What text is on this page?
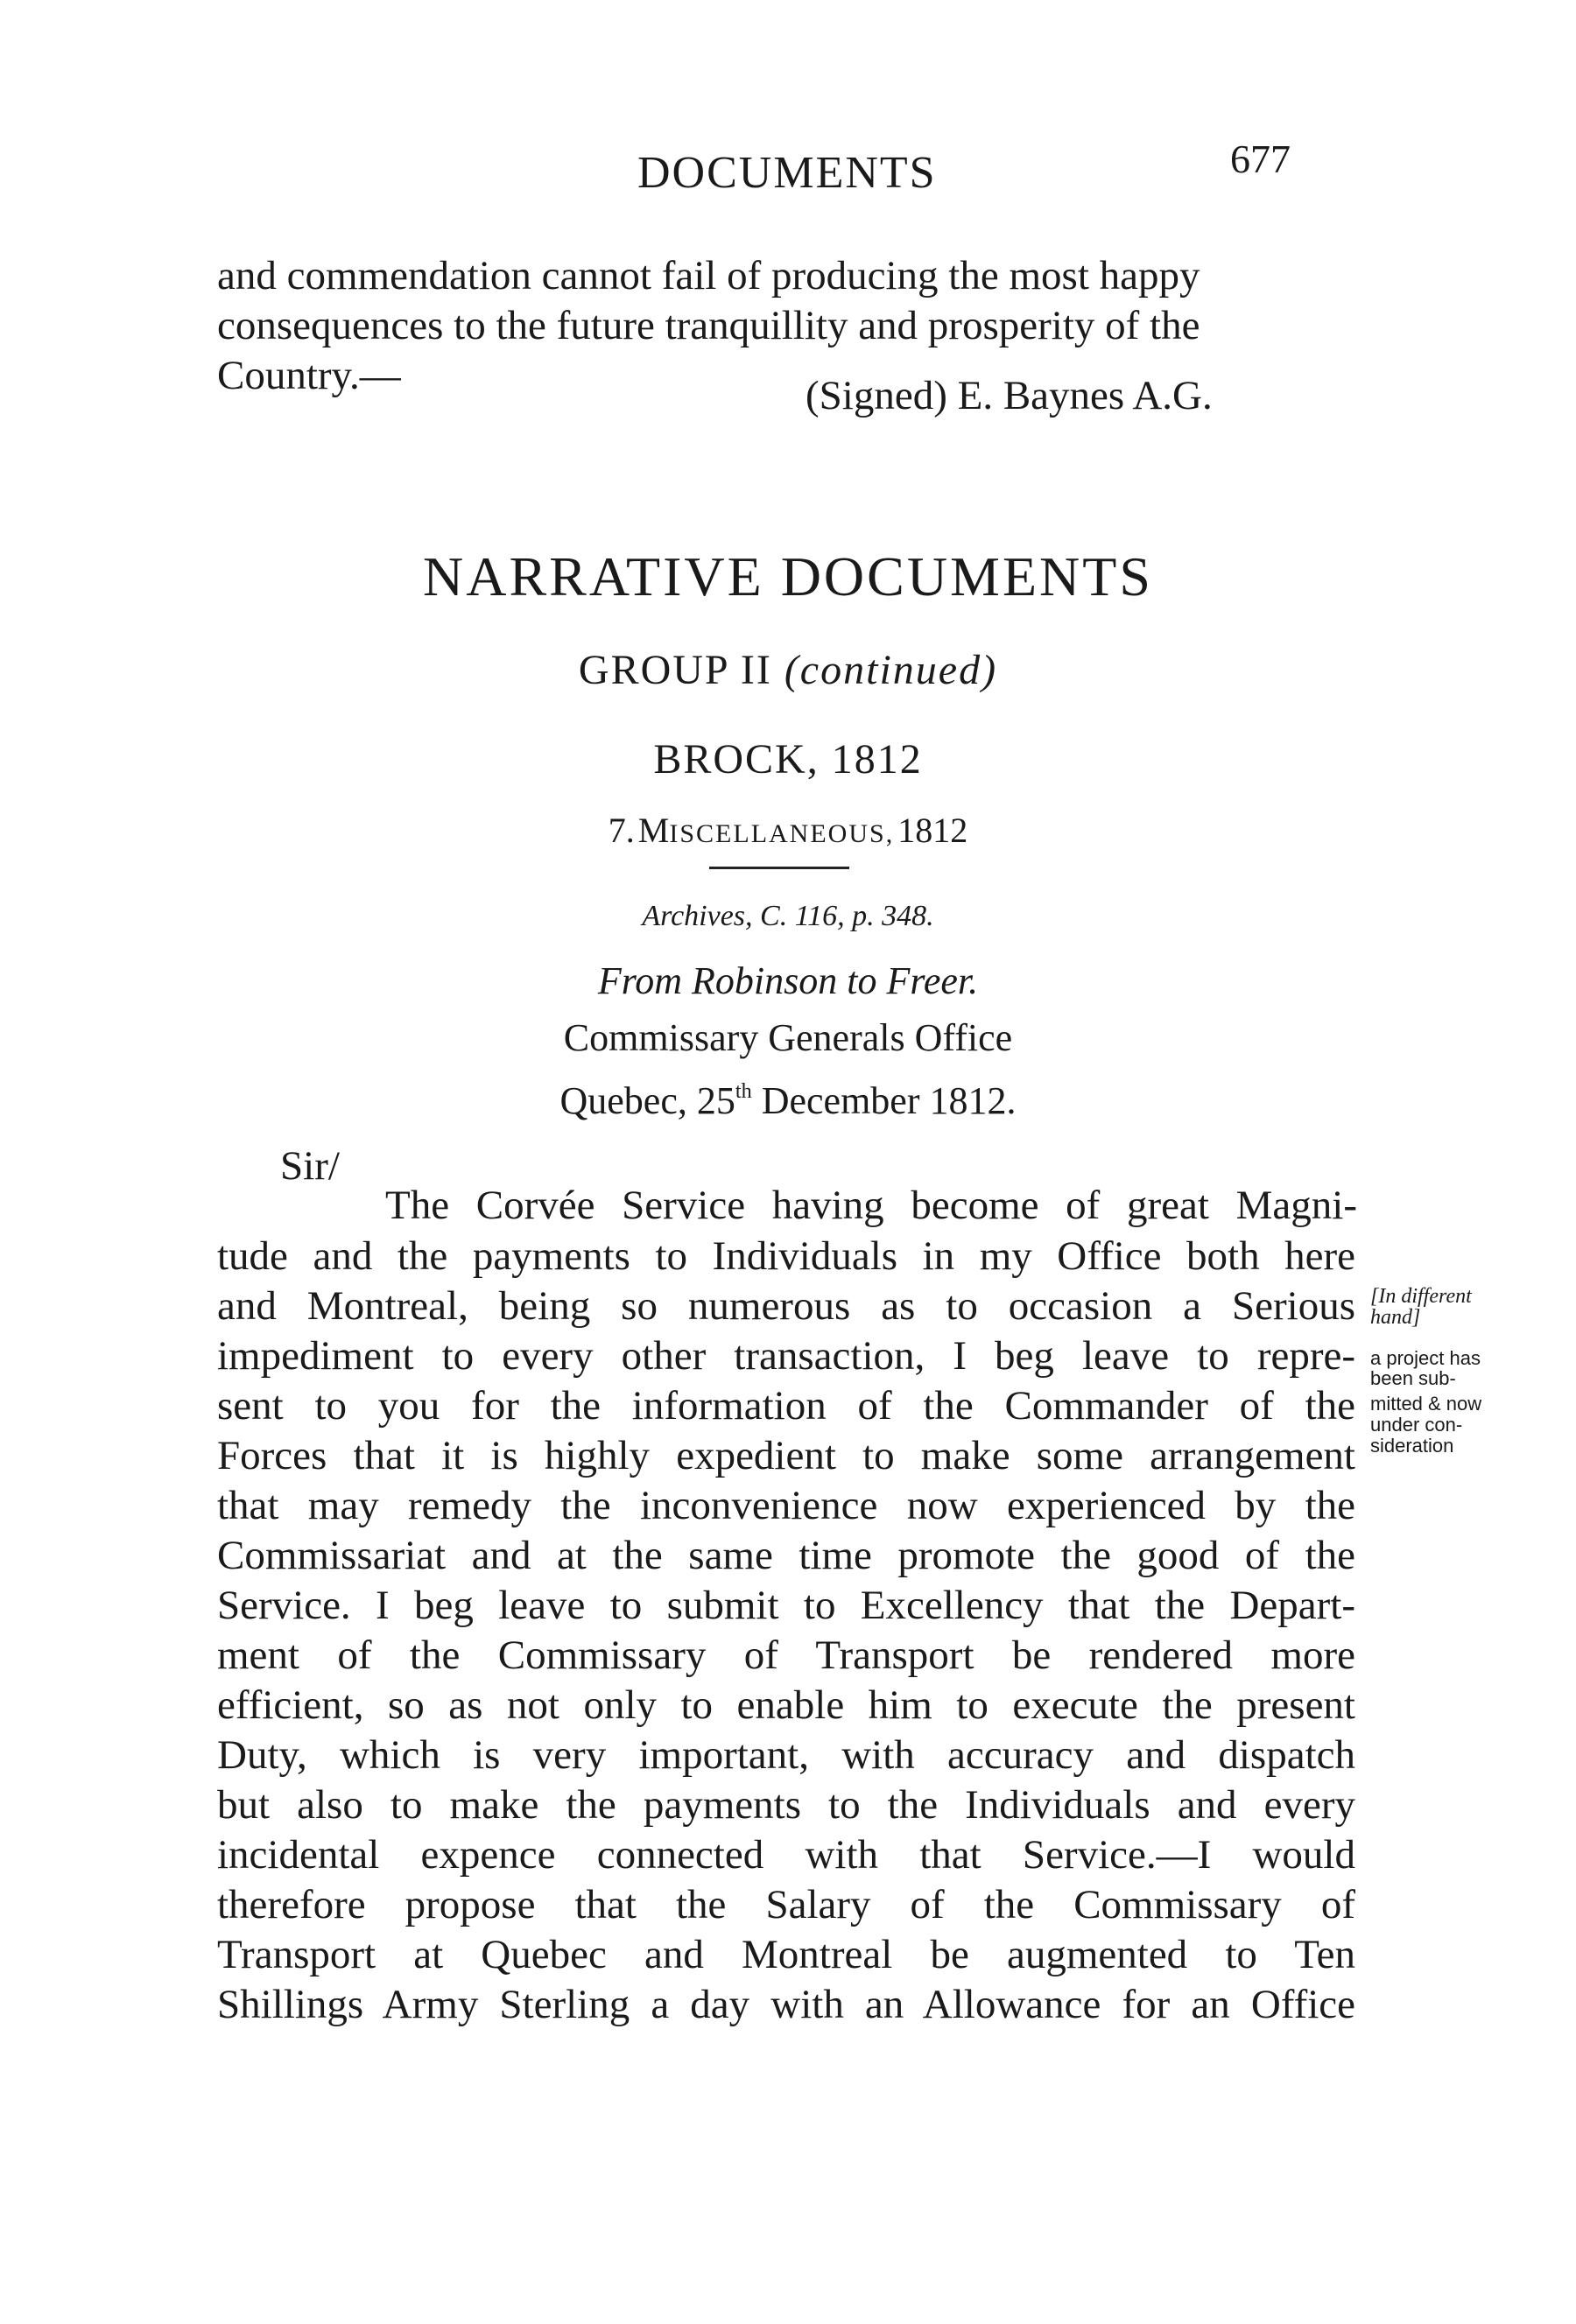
DOCUMENTS	677
and commendation cannot fail of producing the most happy
consequences to the future tranquillity and prosperity of the
Country.—	(Signed) E. Baynes A.G.
NARRATIVE DOCUMENTS
GROUP II (continued)
BROCK, 1812
7. MISCELLANEOUS, 1812
Archives, C. 116, p. 348.
From Robinson to Freer.
Commissary Generals Office
Quebec, 25th December 1812.
Sir/
The Corvée Service having become of great Magni-
tude and the payments to Individuals in my Office both here
and Montreal, being so numerous as to occasion a Serious
impediment to every other transaction, I beg leave to repre-
sent to you for the information of the Commander of the
Forces that it is highly expedient to make some arrangement
that may remedy the inconvenience now experienced by the
Commissariat and at the same time promote the good of the
Service. I beg leave to submit to Excellency that the Depart-
ment of the Commissary of Transport be rendered more
efficient, so as not only to enable him to execute the present
Duty, which is very important, with accuracy and dispatch
but also to make the payments to the Individuals and every
incidental expence connected with that Service.—I would
therefore propose that the Salary of the Commissary of
Transport at Quebec and Montreal be augmented to Ten
Shillings Army Sterling a day with an Allowance for an Office
[In different
hand]
a project has
been sub-
mitted & now
under con-
sideration
